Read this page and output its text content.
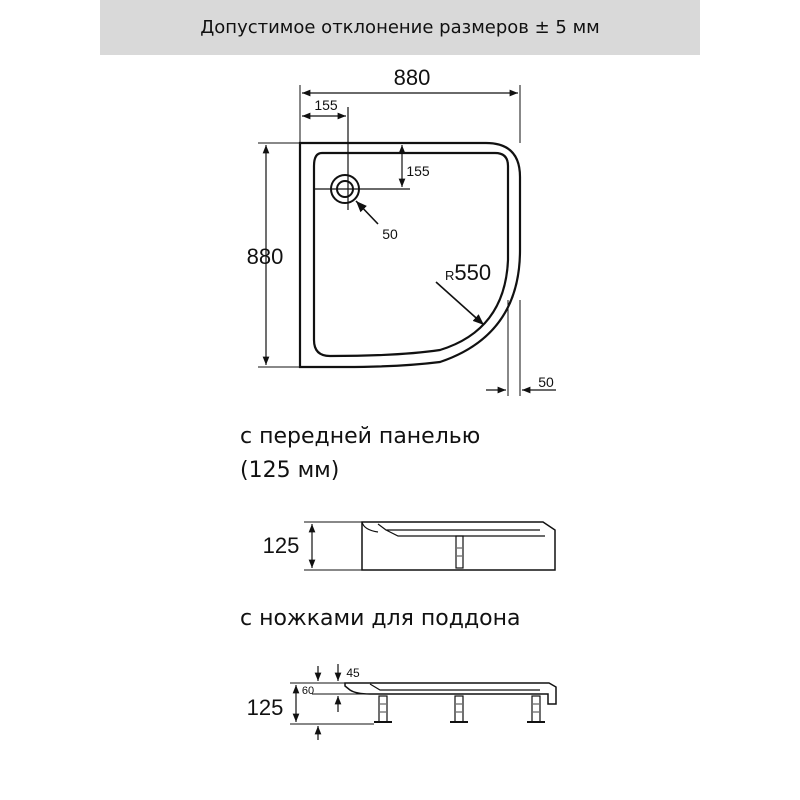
Допустимое отклонение размеров ± 5 мм
880
880
155
155
50
R550
50
125
125
60
45
с передней панелью
(125 мм)
с ножками для поддона
